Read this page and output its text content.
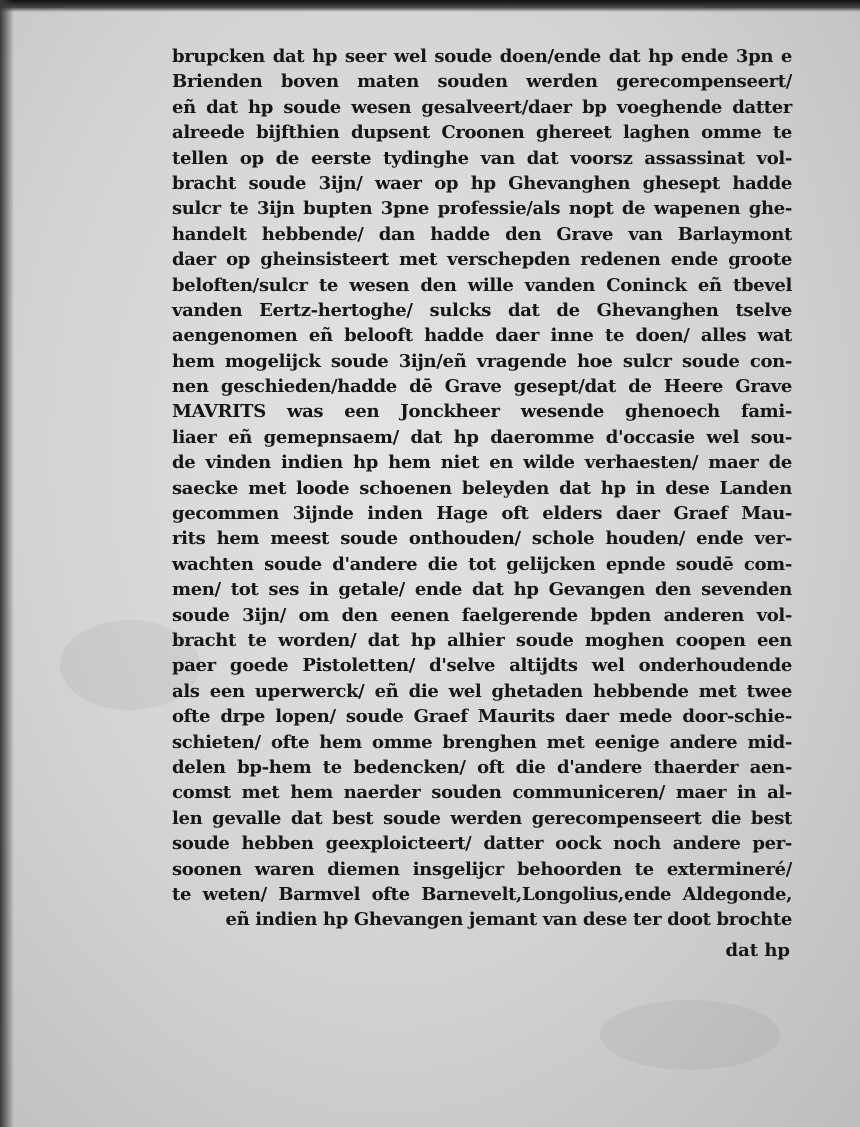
brupcken dat hp seer wel soude doen/ende dat hp ende 3pn e
Brienden boven maten souden werden gerecompenseert/
eñ dat hp soude wesen gesalveert/daer bp voeghende datter
alreede bijfthien dupsent Croonen ghereet laghen omme te
tellen op de eerste tydinghe van dat voorsz assassinat vol-
bracht soude 3ijn/ waer op hp Ghevanghen ghesept hadde
sulcr te 3ijn bupten 3pne professie/als nopt de wapenen ghe-
handelt hebbende/ dan hadde den Grave van Barlaymont
daer op gheinsisteert met verschepden redenen ende groote
beloften/sulcr te wesen den wille vanden Coninck eñ tbevel
vanden Eertz-hertoghe/ sulcks dat de Ghevanghen tselve
aengenomen eñ belooft hadde daer inne te doen/ alles wat
hem mogelijck soude 3ijn/eñ vragende hoe sulcr soude con-
nen geschieden/hadde dē Grave gesept/dat de Heere Grave
MAVRITS was een Jonckheer wesende ghenoech fami-
liaer eñ gemepnsaem/ dat hp daeromme d'occasie wel sou-
de vinden indien hp hem niet en wilde verhaesten/ maer de
saecke met loode schoenen beleyden dat hp in dese Landen
gecommen 3ijnde inden Hage oft elders daer Graef Mau-
rits hem meest soude onthouden/ schole houden/ ende ver-
wachten soude d'andere die tot gelijcken epnde soudē com-
men/ tot ses in getale/ ende dat hp Gevangen den sevenden
soude 3ijn/ om den eenen faelgerende bpden anderen vol-
bracht te worden/ dat hp alhier soude moghen coopen een
paer goede Pistoletten/ d'selve altijdts wel onderhoudende
als een uperwerck/ eñ die wel ghetaden hebbende met twee
ofte drpe lopen/ soude Graef Maurits daer mede door-schie-
schieten/ ofte hem omme brenghen met eenige andere mid-
delen bp-hem te bedencken/ oft die d'andere thaerder aen-
comst met hem naerder souden communiceren/ maer in al-
len gevalle dat best soude werden gerecompenseert die best
soude hebben geexploicteert/ datter oock noch andere per-
soonen waren diemen insgelijcr behoorden te extermineré/
te weten/ Barmvel ofte Barnevelt,Longolius,ende Aldegonde,
eñ indien hp Ghevangen jemant van dese ter doot brochte
dat hp
